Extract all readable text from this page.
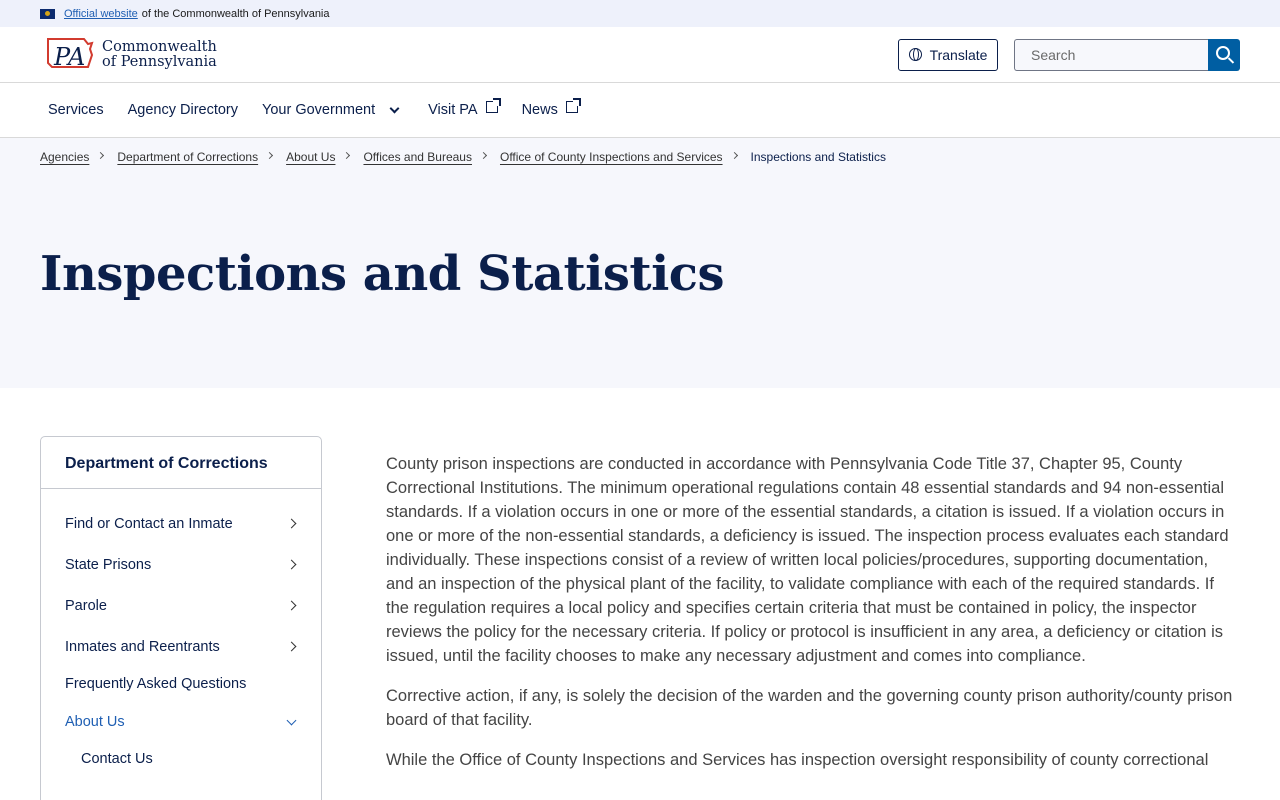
Official website of the Commonwealth of Pennsylvania
PA Commonwealth
of Pennsylvania	Translate
Search
Services Agency Directory Your Government	Visit PA	News
Agencies Department of Corrections About Us Offices and Bureaus Office of County Inspections and Services Inspections and Statistics
Inspections and Statistics
Department of Corrections
Find or Contact an Inmate
State Prisons
Parole
Inmates and Reentrants
Frequently Asked Questions
About Us
Contact Us

County prison inspections are conducted in accordance with Pennsylvania Code Title 37, Chapter 95, County Correctional Institutions. The minimum operational regulations contain 48 essential standards and 94 non-essential standards. If a violation occurs in one or more of the essential standards, a citation is issued. If a violation occurs in one or more of the non-essential standards, a deficiency is issued. The inspection process evaluates each standard individually. These inspections consist of a review of written local policies/procedures, supporting documentation, and an inspection of the physical plant of the facility, to validate compliance with each of the required standards. If the regulation requires a local policy and specifies certain criteria that must be contained in policy, the inspector reviews the policy for the necessary criteria. If policy or protocol is insufficient in any area, a deficiency or citation is issued, until the facility chooses to make any necessary adjustment and comes into compliance.

Corrective action, if any, is solely the decision of the warden and the governing county prison authority/county prison board of that facility.

While the Office of County Inspections and Services has inspection oversight responsibility of county correctional
